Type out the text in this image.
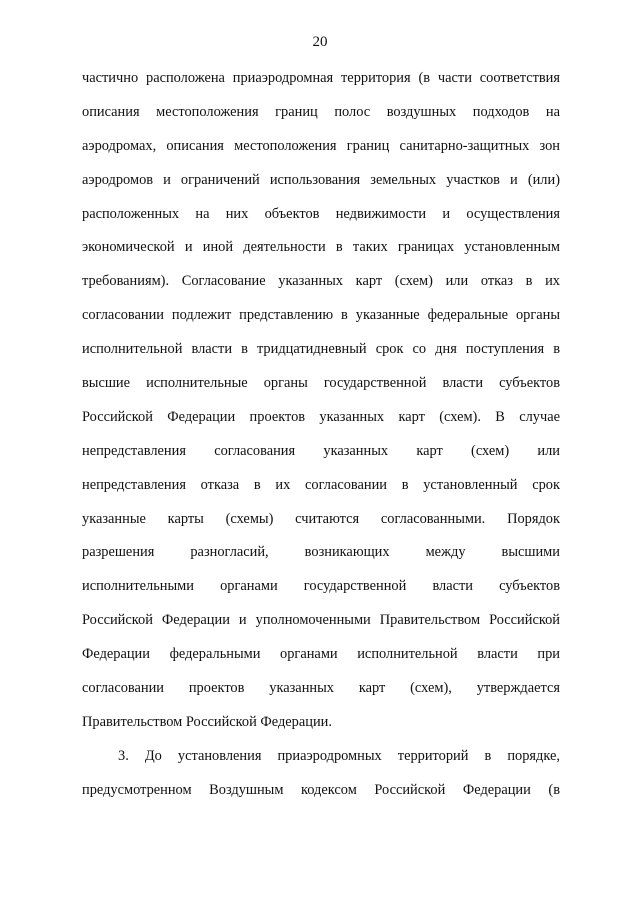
20
частично расположена приаэродромная территория (в части соответствия
описания местоположения границ полос воздушных подходов на
аэродромах, описания местоположения границ санитарно-защитных зон
аэродромов и ограничений использования земельных участков и (или)
расположенных на них объектов недвижимости и осуществления
экономической и иной деятельности в таких границах установленным
требованиям). Согласование указанных карт (схем) или отказ в их
согласовании подлежит представлению в указанные федеральные органы
исполнительной власти в тридцатидневный срок со дня поступления в
высшие исполнительные органы государственной власти субъектов
Российской Федерации проектов указанных карт (схем). В случае
непредставления согласования указанных карт (схем) или
непредставления отказа в их согласовании в установленный срок
указанные карты (схемы) считаются согласованными. Порядок
разрешения разногласий, возникающих между высшими
исполнительными органами государственной власти субъектов
Российской Федерации и уполномоченными Правительством Российской
Федерации федеральными органами исполнительной власти при
согласовании проектов указанных карт (схем), утверждается
Правительством Российской Федерации.
3. До установления приаэродромных территорий в порядке,
предусмотренном Воздушным кодексом Российской Федерации (в
